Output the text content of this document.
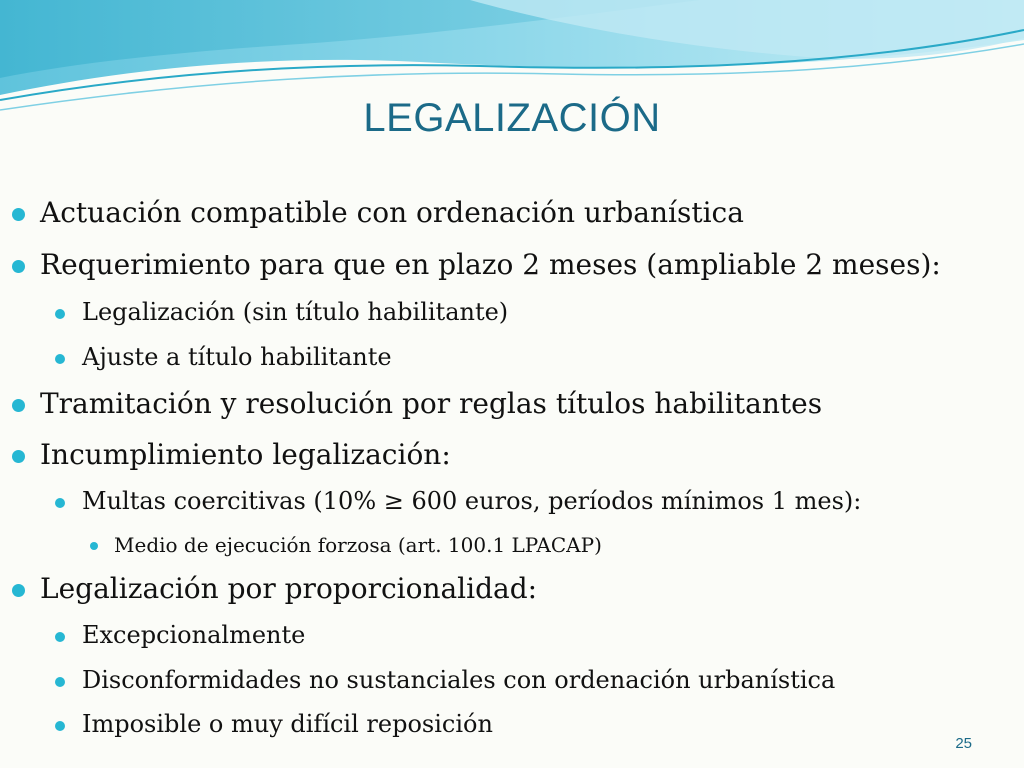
LEGALIZACIÓN
Actuación compatible con ordenación urbanística
Requerimiento para que en plazo 2 meses (ampliable 2 meses):
Legalización (sin título habilitante)
Ajuste a título habilitante
Tramitación y resolución por reglas títulos habilitantes
Incumplimiento legalización:
Multas coercitivas (10% ≥ 600 euros, períodos mínimos 1 mes):
Medio de ejecución forzosa (art. 100.1 LPACAP)
Legalización por proporcionalidad:
Excepcionalmente
Disconformidades no sustanciales con ordenación urbanística
Imposible o muy difícil reposición
25
